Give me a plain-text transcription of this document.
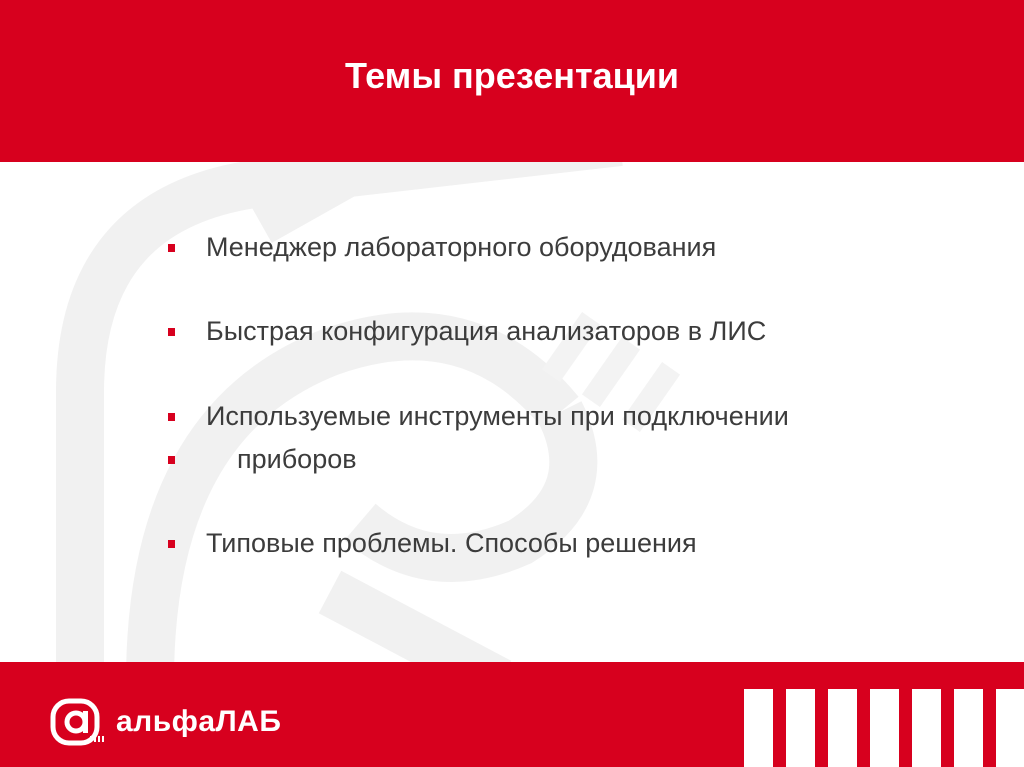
Темы презентации
Менеджер лабораторного оборудования
Быстрая конфигурация анализаторов в ЛИС
Используемые инструменты при подключении
приборов
Типовые проблемы. Способы решения
альфаЛАБ
